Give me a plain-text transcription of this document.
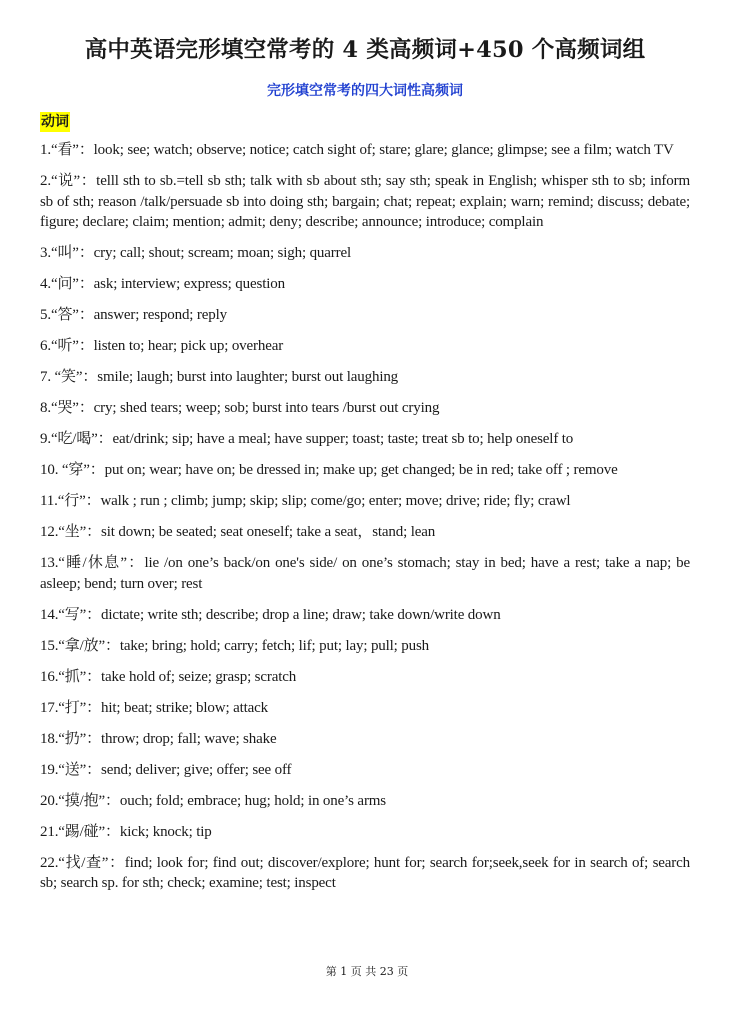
高中英语完形填空常考的 4 类高频词+450 个高频词组
完形填空常考的四大词性高频词
动词
1.“看”：look; see; watch; observe; notice; catch sight of; stare; glare; glance; glimpse; see a film; watch TV
2.“说”：telll sth to sb.=tell sb sth; talk with sb about sth; say sth; speak in English; whisper sth to sb; inform sb of sth; reason /talk/persuade sb into doing sth; bargain; chat; repeat; explain; warn; remind; discuss; debate; figure; declare; claim; mention; admit; deny; describe; announce; introduce; complain
3.“叫”：cry; call; shout; scream; moan; sigh; quarrel
4.“问”：ask; interview; express; question
5.“答”：answer; respond; reply
6.“听”：listen to; hear; pick up; overhear
7. “笑”：smile; laugh; burst into laughter; burst out laughing
8.“哭”：cry; shed tears; weep; sob; burst into tears /burst out crying
9.“吃/喝”：eat/drink; sip; have a meal; have supper; toast; taste; treat sb to; help oneself to
10. “穿”：put on; wear; have on; be dressed in; make up; get changed; be in red; take off ; remove
11.“行”：walk ; run ; climb; jump; skip; slip; come/go; enter; move; drive; ride; fly; crawl
12.“坐”：sit down; be seated; seat oneself; take a seat，stand; lean
13.“睡/休息”：lie /on one’s back/on one's side/ on one’s stomach; stay in bed; have a rest; take a nap; be asleep; bend; turn over; rest
14.“写”：dictate; write sth; describe; drop a line; draw; take down/write down
15.“拿/放”：take; bring; hold; carry; fetch; lif; put; lay; pull; push
16.“抓”：take hold of; seize; grasp; scratch
17.“打”：hit; beat; strike; blow; attack
18.“扔”：throw; drop; fall; wave; shake
19.“送”：send; deliver; give; offer; see off
20.“摸/抱”：ouch; fold; embrace; hug; hold; in one’s arms
21.“踢/碰”：kick; knock; tip
22.“找/查”：find; look for; find out; discover/explore; hunt for; search for;seek,seek for in search of; search sb; search sp. for sth; check; examine; test; inspect
第 1 页 共 23 页
